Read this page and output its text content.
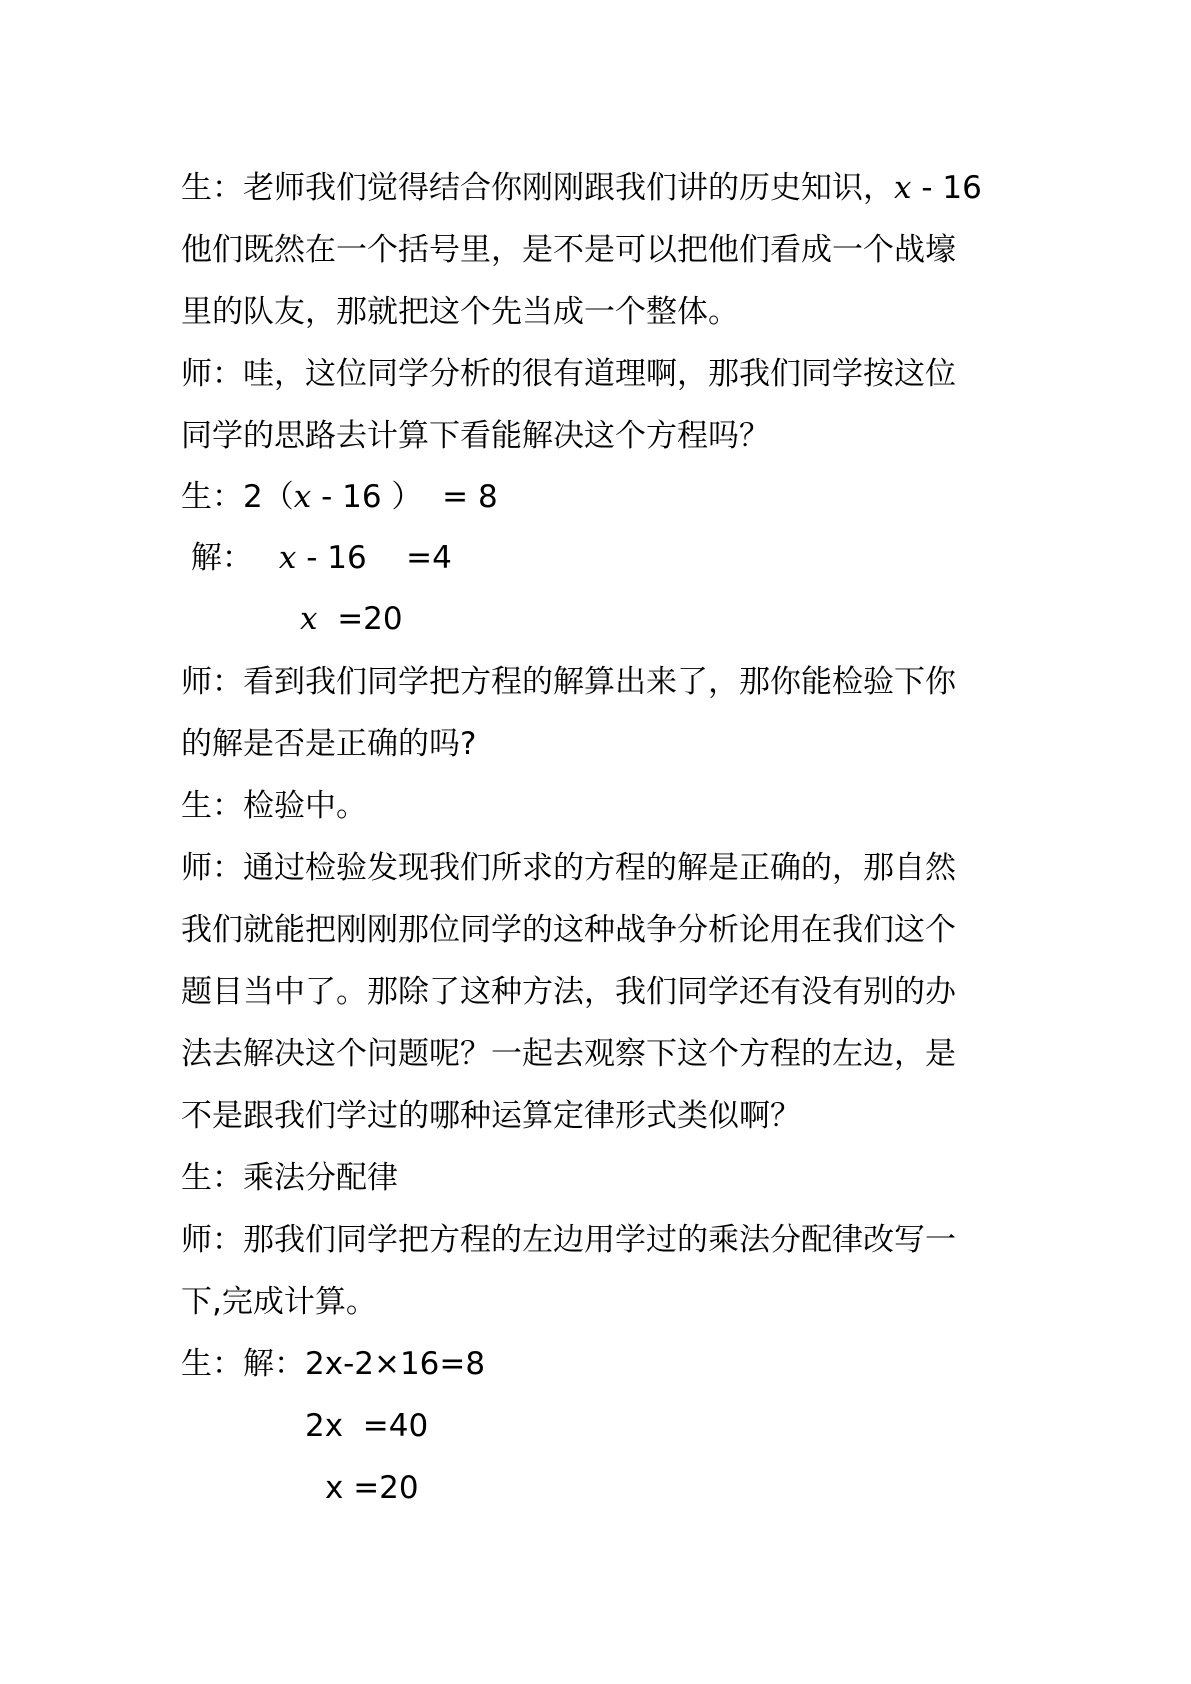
生：老师我们觉得结合你刚刚跟我们讲的历史知识，x - 16
他们既然在一个括号里，是不是可以把他们看成一个战壕
里的队友，那就把这个先当成一个整体。
师：哇，这位同学分析的很有道理啊，那我们同学按这位
同学的思路去计算下看能解决这个方程吗？
生：2（x - 16 ）  = 8
解： x - 16    =4
x  =20
师：看到我们同学把方程的解算出来了，那你能检验下你
的解是否是正确的吗?
生：检验中。
师：通过检验发现我们所求的方程的解是正确的，那自然
我们就能把刚刚那位同学的这种战争分析论用在我们这个
题目当中了。那除了这种方法，我们同学还有没有别的办
法去解决这个问题呢？一起去观察下这个方程的左边，是
不是跟我们学过的哪种运算定律形式类似啊？
生：乘法分配律
师：那我们同学把方程的左边用学过的乘法分配律改写一
下,完成计算。
生：解：2x-2×16=8
2x  =40
x =20
